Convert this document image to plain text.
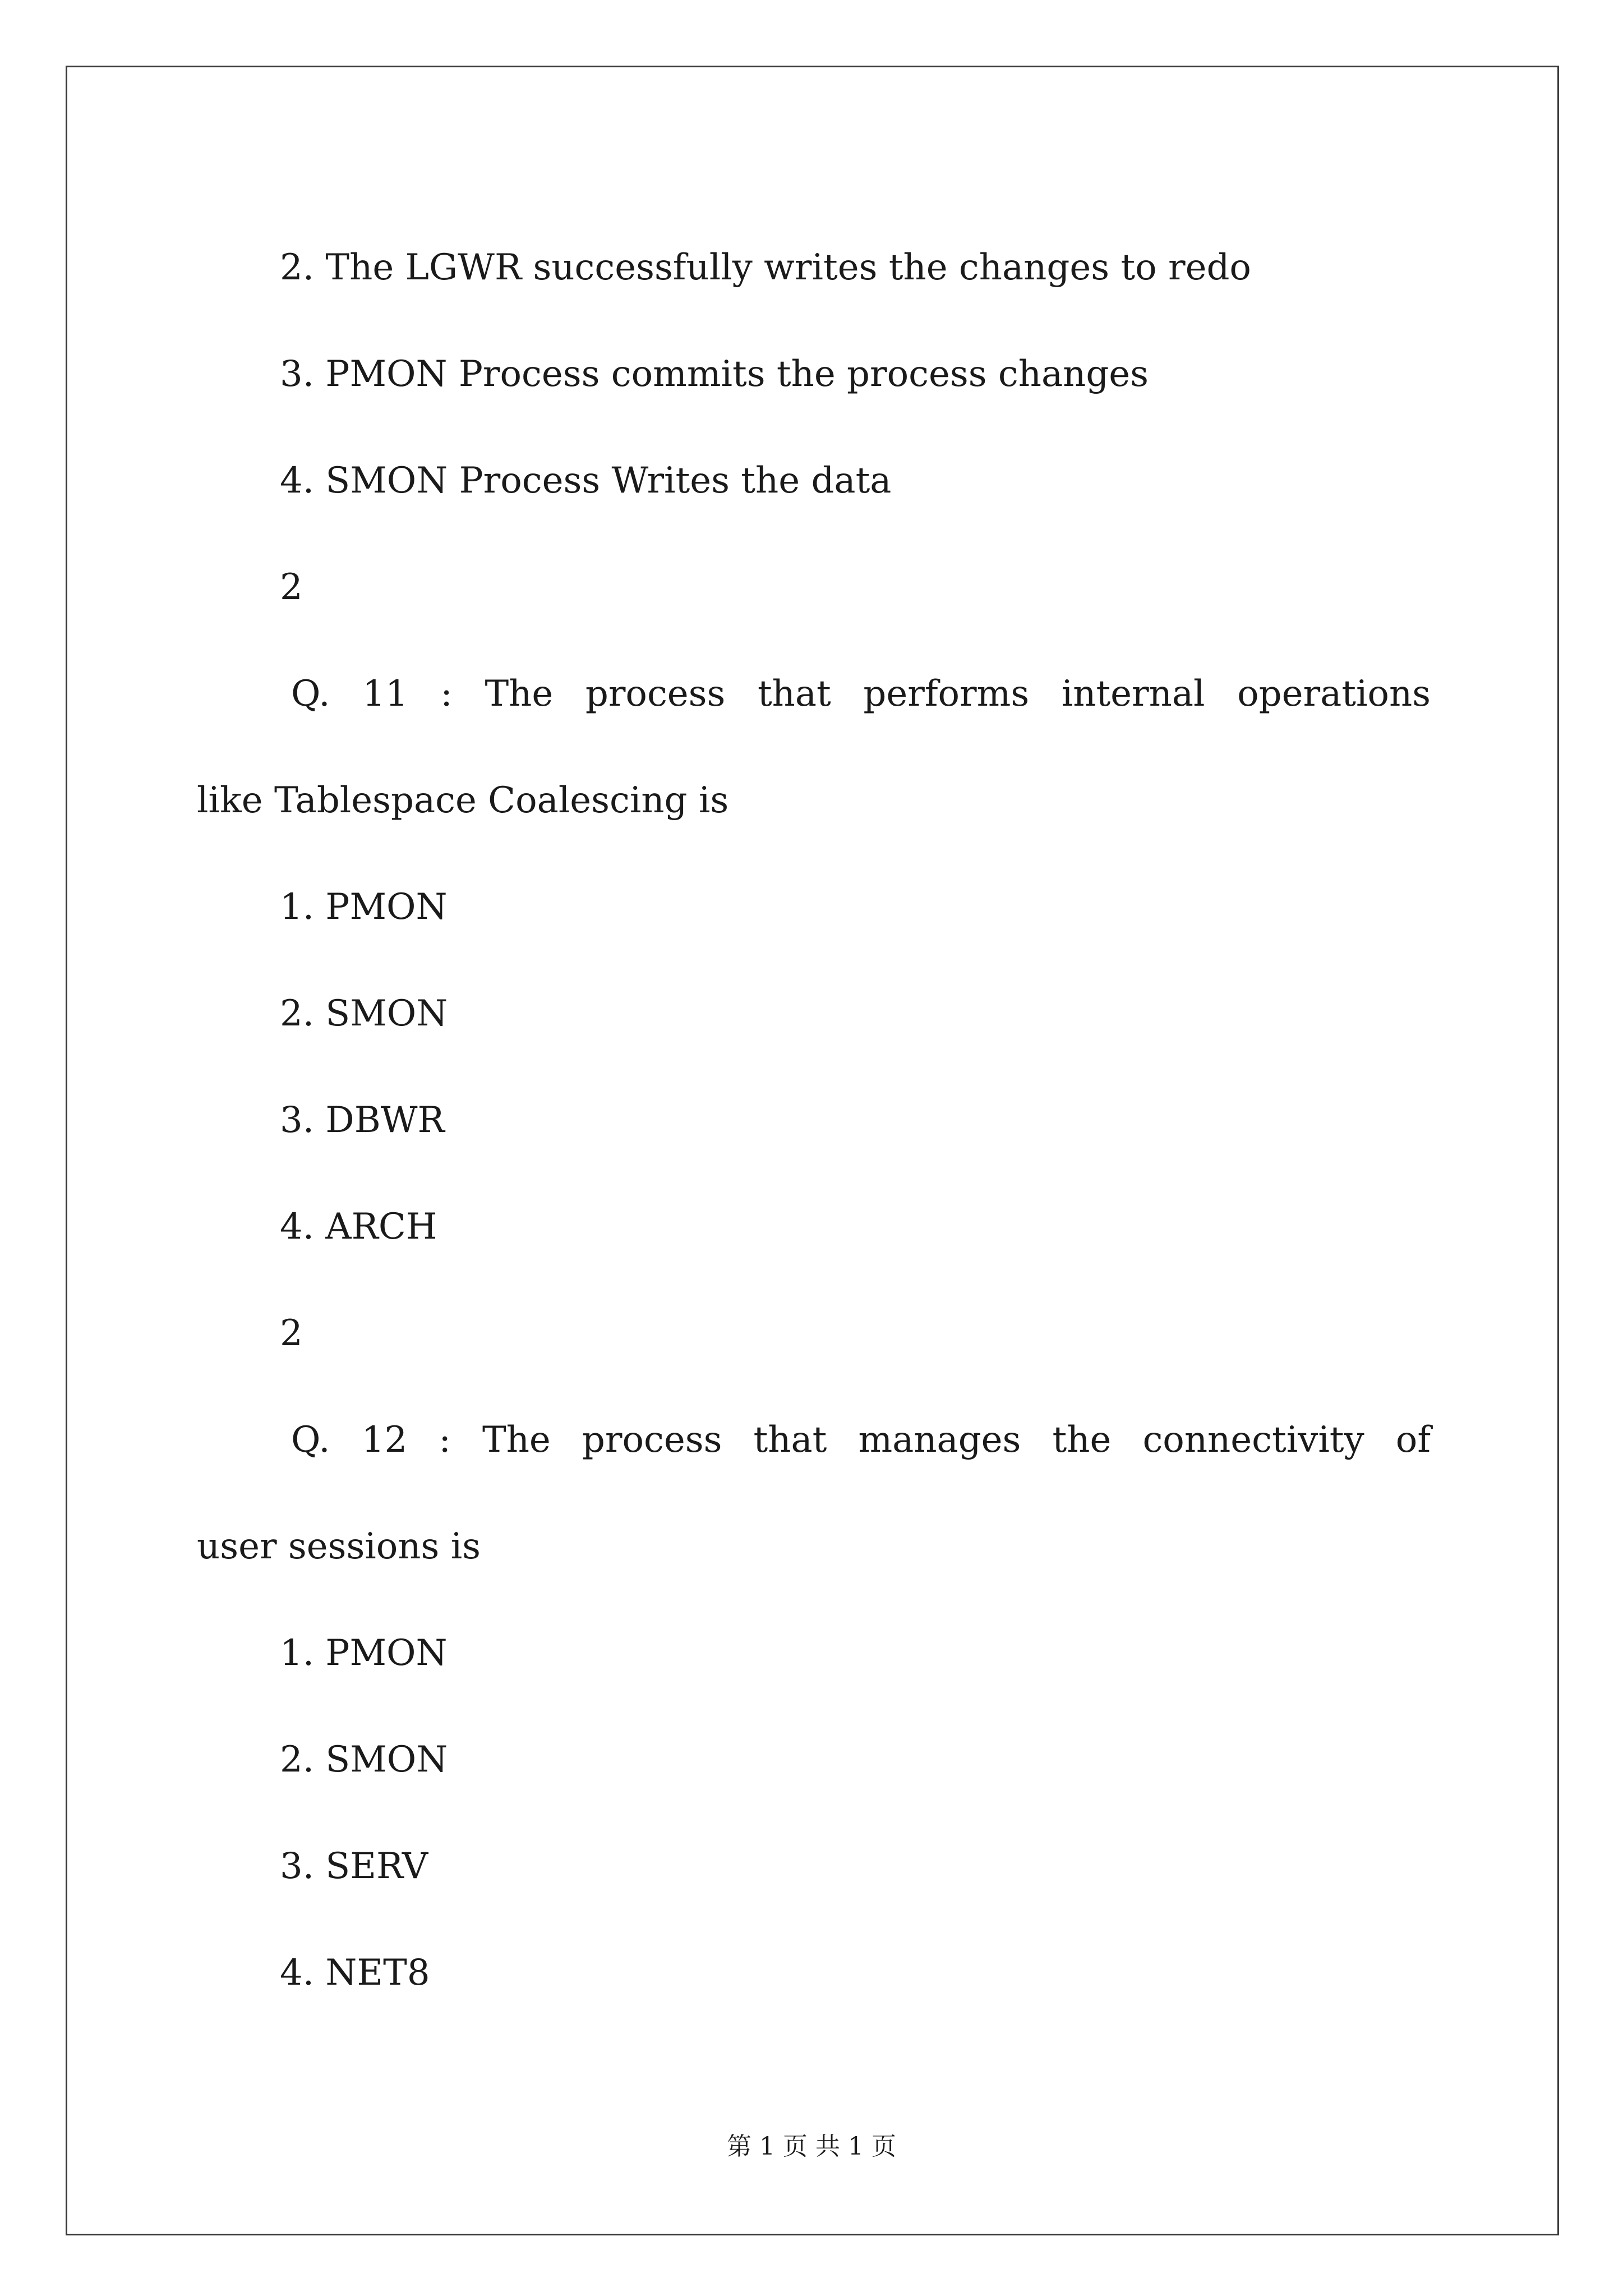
2. The LGWR successfully writes the changes to redo
3. PMON Process commits the process changes
4. SMON Process Writes the data
2
Q. 11 : The process that performs internal operations
like Tablespace Coalescing is
1. PMON
2. SMON
3. DBWR
4. ARCH
2
Q. 12 : The process that manages the connectivity of
user sessions is
1. PMON
2. SMON
3. SERV
4. NET8
第 1 页 共 1 页
